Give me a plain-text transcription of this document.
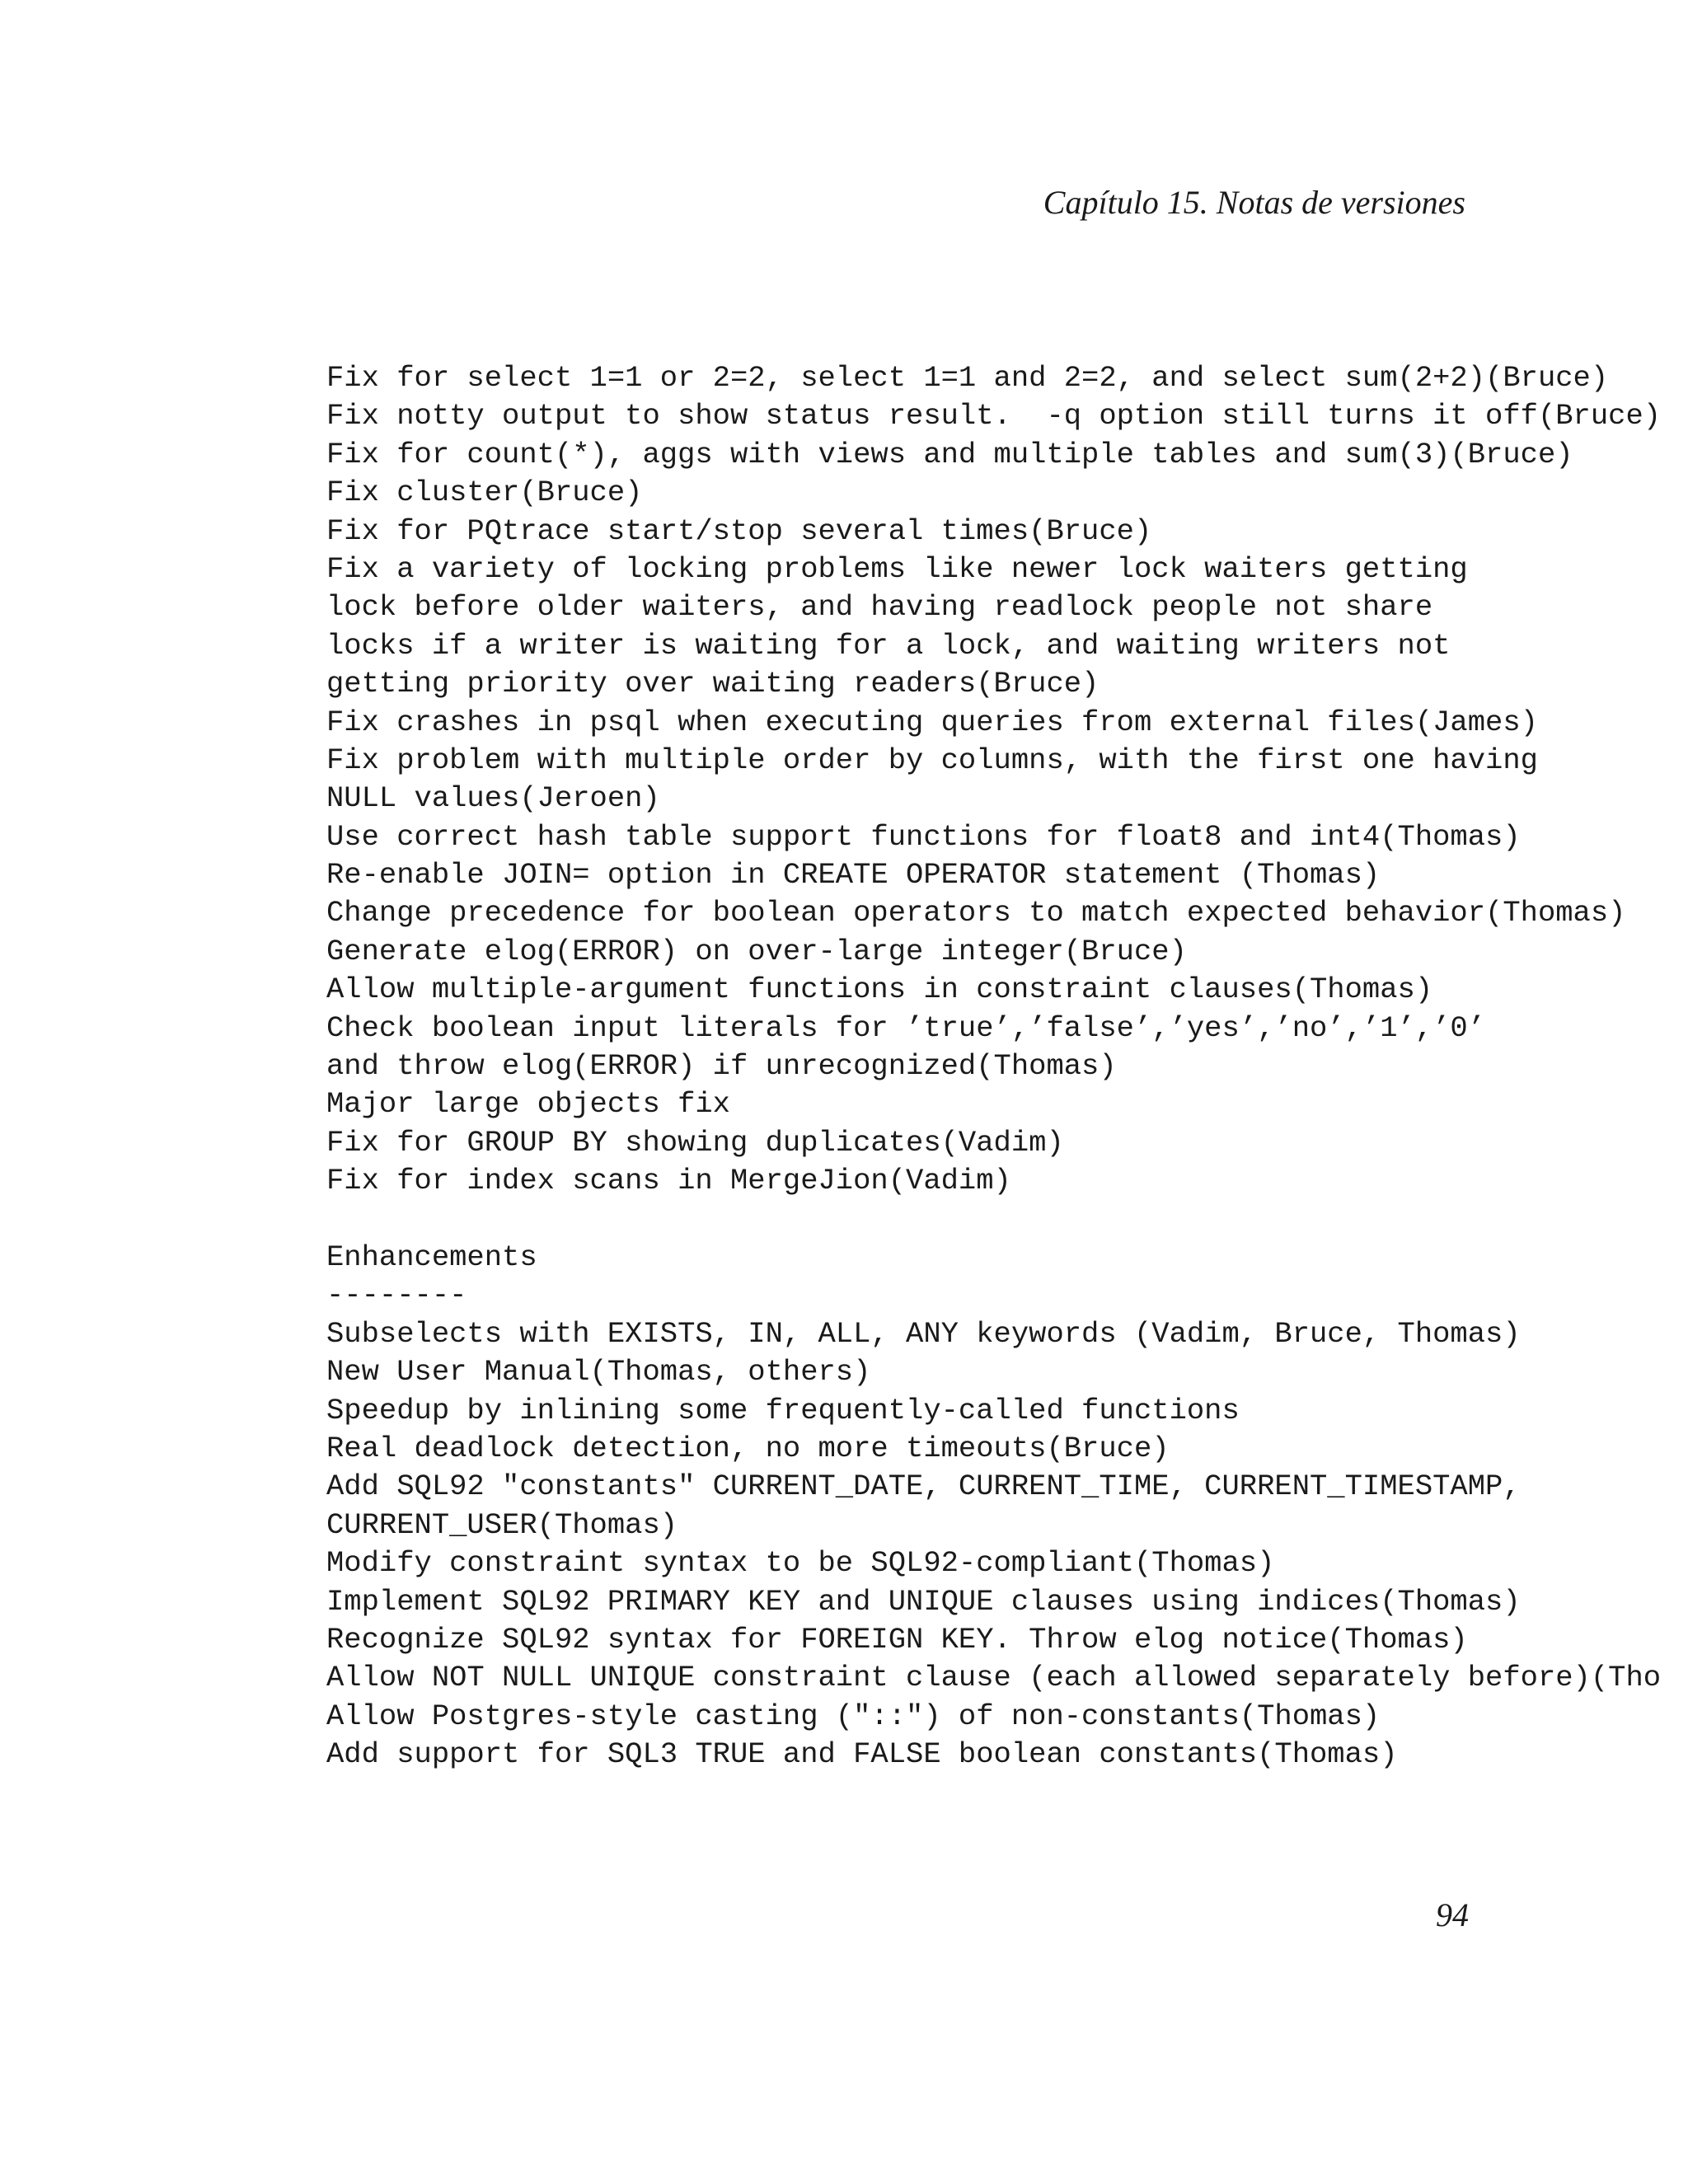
Capítulo 15. Notas de versiones
Fix for select 1=1 or 2=2, select 1=1 and 2=2, and select sum(2+2)(Bruce)
Fix notty output to show status result.  -q option still turns it off(Bruce)
Fix for count(*), aggs with views and multiple tables and sum(3)(Bruce)
Fix cluster(Bruce)
Fix for PQtrace start/stop several times(Bruce)
Fix a variety of locking problems like newer lock waiters getting
lock before older waiters, and having readlock people not share
locks if a writer is waiting for a lock, and waiting writers not
getting priority over waiting readers(Bruce)
Fix crashes in psql when executing queries from external files(James)
Fix problem with multiple order by columns, with the first one having
NULL values(Jeroen)
Use correct hash table support functions for float8 and int4(Thomas)
Re-enable JOIN= option in CREATE OPERATOR statement (Thomas)
Change precedence for boolean operators to match expected behavior(Thomas)
Generate elog(ERROR) on over-large integer(Bruce)
Allow multiple-argument functions in constraint clauses(Thomas)
Check boolean input literals for ’true’,’false’,’yes’,’no’,’1’,’0’
and throw elog(ERROR) if unrecognized(Thomas)
Major large objects fix
Fix for GROUP BY showing duplicates(Vadim)
Fix for index scans in MergeJion(Vadim)
Enhancements
--------
Subselects with EXISTS, IN, ALL, ANY keywords (Vadim, Bruce, Thomas)
New User Manual(Thomas, others)
Speedup by inlining some frequently-called functions
Real deadlock detection, no more timeouts(Bruce)
Add SQL92 "constants" CURRENT_DATE, CURRENT_TIME, CURRENT_TIMESTAMP,
CURRENT_USER(Thomas)
Modify constraint syntax to be SQL92-compliant(Thomas)
Implement SQL92 PRIMARY KEY and UNIQUE clauses using indices(Thomas)
Recognize SQL92 syntax for FOREIGN KEY. Throw elog notice(Thomas)
Allow NOT NULL UNIQUE constraint clause (each allowed separately before)(Tho
Allow Postgres-style casting ("::") of non-constants(Thomas)
Add support for SQL3 TRUE and FALSE boolean constants(Thomas)
94
